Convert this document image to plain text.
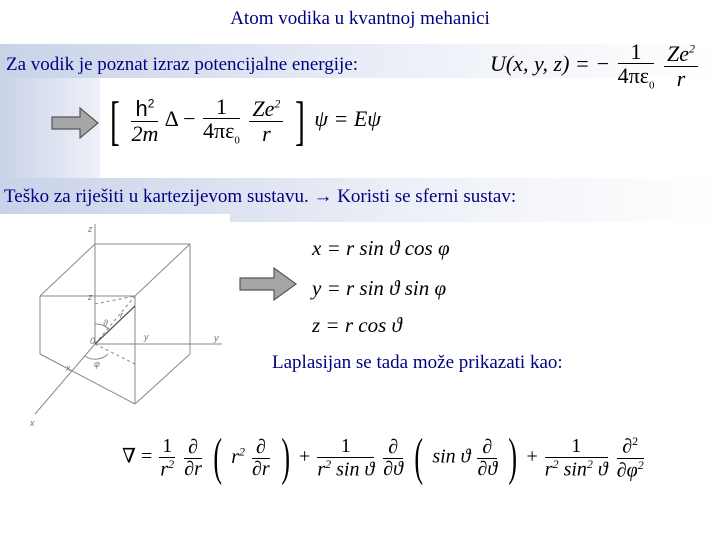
Atom vodika u kvantnoj mehanici
Za vodik je poznat izraz potencijalne energije:	U(x, y, z) = − $\frac{1}{4\pi\varepsilon_0}$
$\frac{Ze^2}{r}$
[ $\frac{h^2}{2m}$ $\Delta - \frac{1}{4\pi\varepsilon_0}$
$\frac{Ze^2}{r}$ ] ψ = Eψ
Teško za riješiti u kartezijevom sustavu. → Koristi se sferni sustav:
z
y
x
0
r
ϑ
φ
x
y
z
x = r sin ϑ cos φ
y = r sin ϑ sin φ
z = r cos ϑ
Laplasijan se tada može prikazati kao:
∇ = $\frac{1}{r^2}$
$\frac{\partial}{\partial r}$ ( $r^2 \frac{\partial}{\partial r}$ ) + $\frac{1}{r^2 \sin ϑ}$
$\frac{\partial}{\partial ϑ}$ ( sin ϑ $\frac{\partial}{\partial ϑ}$ ) + $\frac{1}{r^2 \sin^2 ϑ}$
$\frac{\partial^2}{\partial\varphi^2}$
